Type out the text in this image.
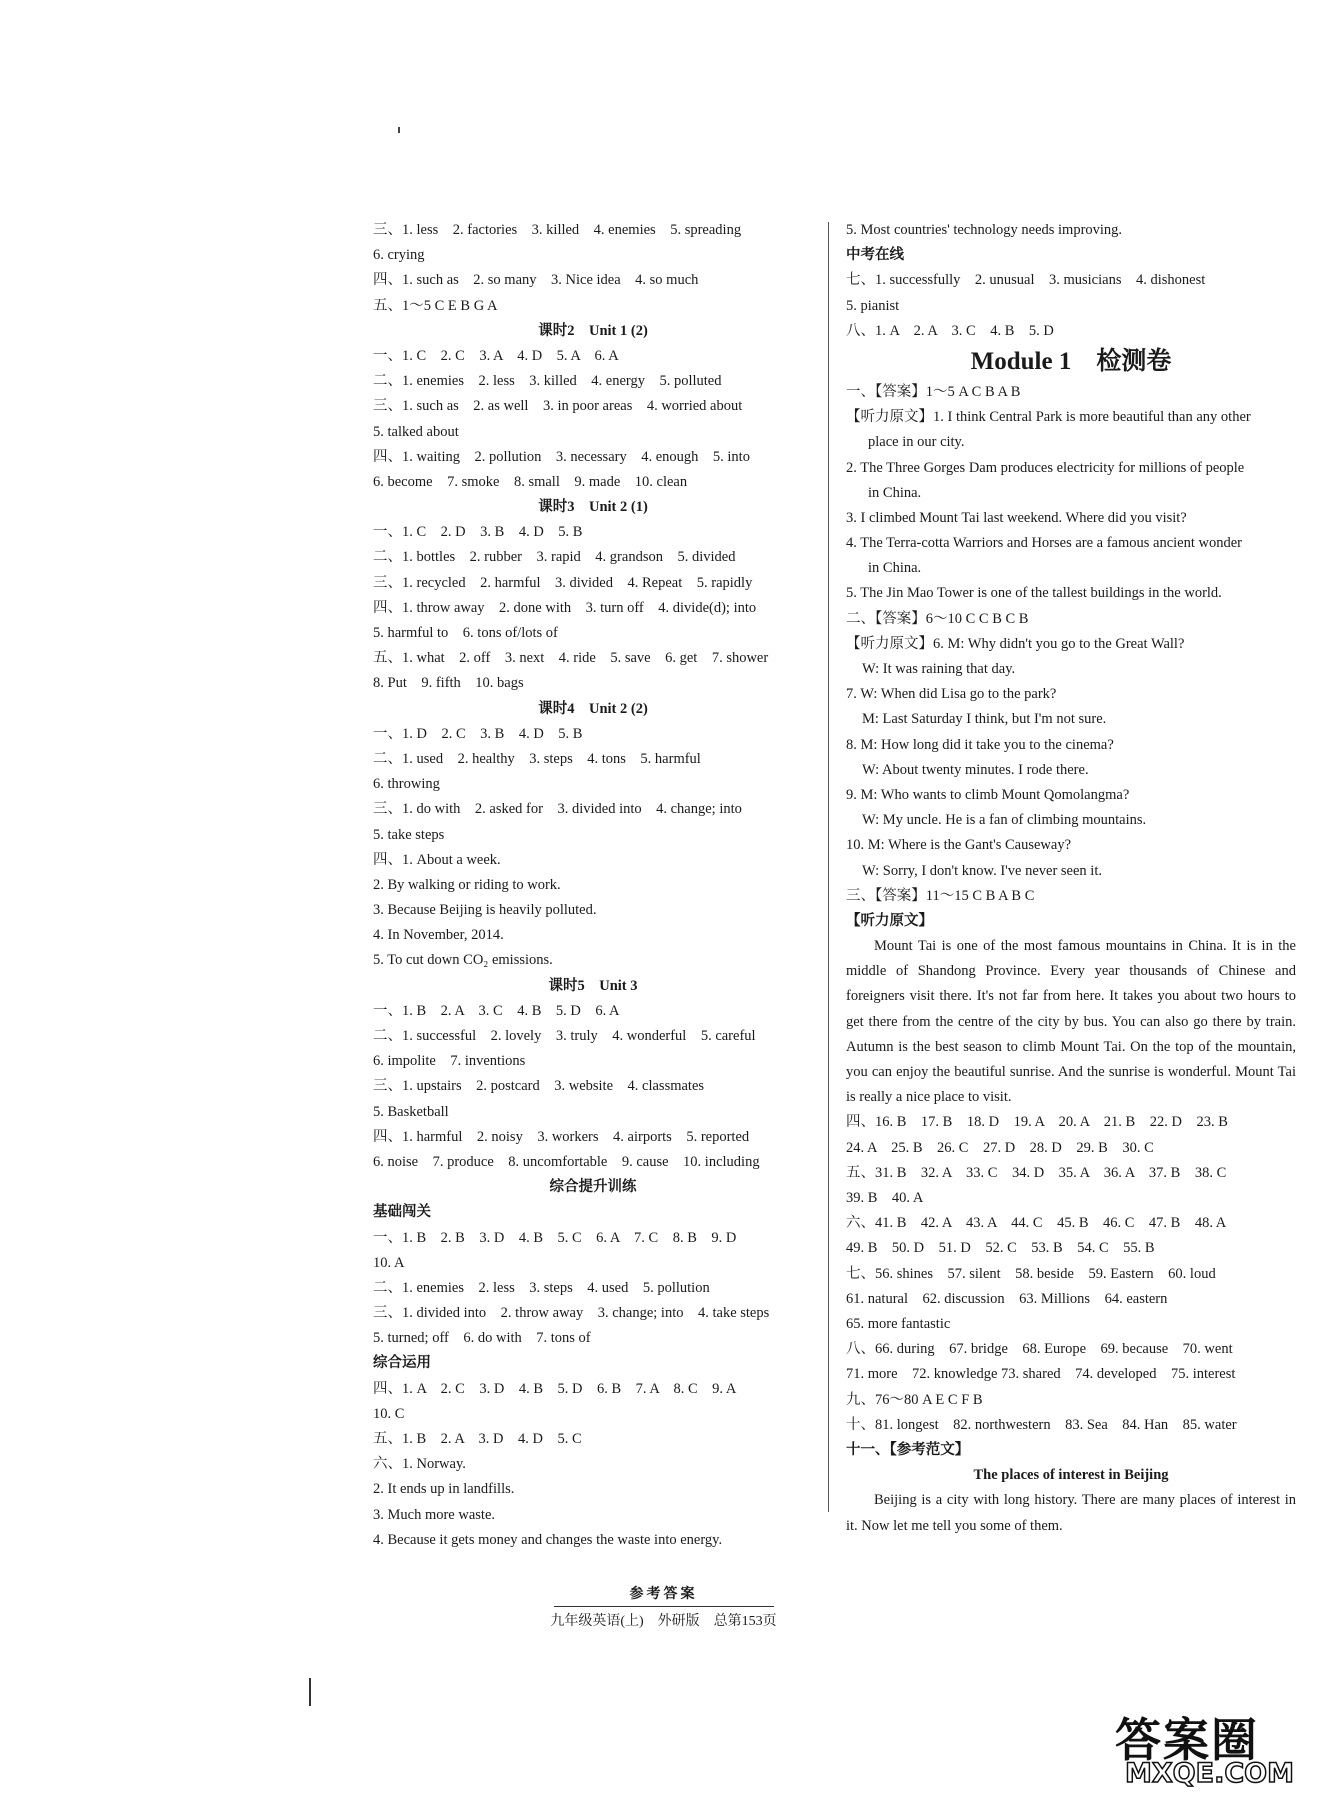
三、1. less　2. factories　3. killed　4. enemies　5. spreading
6. crying
四、1. such as　2. so many　3. Nice idea　4. so much
五、1～5 C E B G A
课时2　Unit 1 (2)
一、1. C　2. C　3. A　4. D　5. A　6. A
二、1. enemies　2. less　3. killed　4. energy　5. polluted
三、1. such as　2. as well　3. in poor areas　4. worried about
5. talked about
四、1. waiting　2. pollution　3. necessary　4. enough　5. into
6. become　7. smoke　8. small　9. made　10. clean
课时3　Unit 2 (1)
一、1. C　2. D　3. B　4. D　5. B
二、1. bottles　2. rubber　3. rapid　4. grandson　5. divided
三、1. recycled　2. harmful　3. divided　4. Repeat　5. rapidly
四、1. throw away　2. done with　3. turn off　4. divide(d); into
5. harmful to　6. tons of/lots of
五、1. what　2. off　3. next　4. ride　5. save　6. get　7. shower
8. Put　9. fifth　10. bags
课时4　Unit 2 (2)
一、1. D　2. C　3. B　4. D　5. B
二、1. used　2. healthy　3. steps　4. tons　5. harmful
6. throwing
三、1. do with　2. asked for　3. divided into　4. change; into
5. take steps
四、1. About a week.
2. By walking or riding to work.
3. Because Beijing is heavily polluted.
4. In November, 2014.
5. To cut down CO₂ emissions.
课时5　Unit 3
一、1. B　2. A　3. C　4. B　5. D　6. A
二、1. successful　2. lovely　3. truly　4. wonderful　5. careful
6. impolite　7. inventions
三、1. upstairs　2. postcard　3. website　4. classmates
5. Basketball
四、1. harmful　2. noisy　3. workers　4. airports　5. reported
6. noise　7. produce　8. uncomfortable　9. cause　10. including
综合提升训练
基础闯关
一、1. B　2. B　3. D　4. B　5. C　6. A　7. C　8. B　9. D
10. A
二、1. enemies　2. less　3. steps　4. used　5. pollution
三、1. divided into　2. throw away　3. change; into　4. take steps
5. turned; off　6. do with　7. tons of
综合运用
四、1. A　2. C　3. D　4. B　5. D　6. B　7. A　8. C　9. A
10. C
五、1. B　2. A　3. D　4. D　5. C
六、1. Norway.
2. It ends up in landfills.
3. Much more waste.
4. Because it gets money and changes the waste into energy.
5. Most countries' technology needs improving.
中考在线
七、1. successfully　2. unusual　3. musicians　4. dishonest
5. pianist
八、1. A　2. A　3. C　4. B　5. D
Module 1　检测卷
一、【答案】1～5 A C B A B
【听力原文】1. I think Central Park is more beautiful than any other
place in our city.
2. The Three Gorges Dam produces electricity for millions of people
in China.
3. I climbed Mount Tai last weekend. Where did you visit?
4. The Terra-cotta Warriors and Horses are a famous ancient wonder
in China.
5. The Jin Mao Tower is one of the tallest buildings in the world.
二、【答案】6～10 C C B C B
【听力原文】6. M: Why didn't you go to the Great Wall?
W: It was raining that day.
7. W: When did Lisa go to the park?
M: Last Saturday I think, but I'm not sure.
8. M: How long did it take you to the cinema?
W: About twenty minutes. I rode there.
9. M: Who wants to climb Mount Qomolangma?
W: My uncle. He is a fan of climbing mountains.
10. M: Where is the Gant's Causeway?
W: Sorry, I don't know. I've never seen it.
三、【答案】11～15 C B A B C
【听力原文】
Mount Tai is one of the most famous mountains in China. It is in the middle of Shandong Province. Every year thousands of Chinese and foreigners visit there. It's not far from here. It takes you about two hours to get there from the centre of the city by bus. You can also go there by train. Autumn is the best season to climb Mount Tai. On the top of the mountain, you can enjoy the beautiful sunrise. And the sunrise is wonderful. Mount Tai is really a nice place to visit.
四、16. B　17. B　18. D　19. A　20. A　21. B　22. D　23. B
24. A　25. B　26. C　27. D　28. D　29. B　30. C
五、31. B　32. A　33. C　34. D　35. A　36. A　37. B　38. C
39. B　40. A
六、41. B　42. A　43. A　44. C　45. B　46. C　47. B　48. A
49. B　50. D　51. D　52. C　53. B　54. C　55. B
七、56. shines　57. silent　58. beside　59. Eastern　60. loud
61. natural　62. discussion　63. Millions　64. eastern
65. more fantastic
八、66. during　67. bridge　68. Europe　69. because　70. went
71. more　72. knowledge 73. shared　74. developed　75. interest
九、76～80 A E C F B
十、81. longest　82. northwestern　83. Sea　84. Han　85. water
十一、【参考范文】
The places of interest in Beijing
Beijing is a city with long history. There are many places of interest in it. Now let me tell you some of them.
参考答案
九年级英语(上)　外研版　总第153页
答案圈
MXQE.COM
